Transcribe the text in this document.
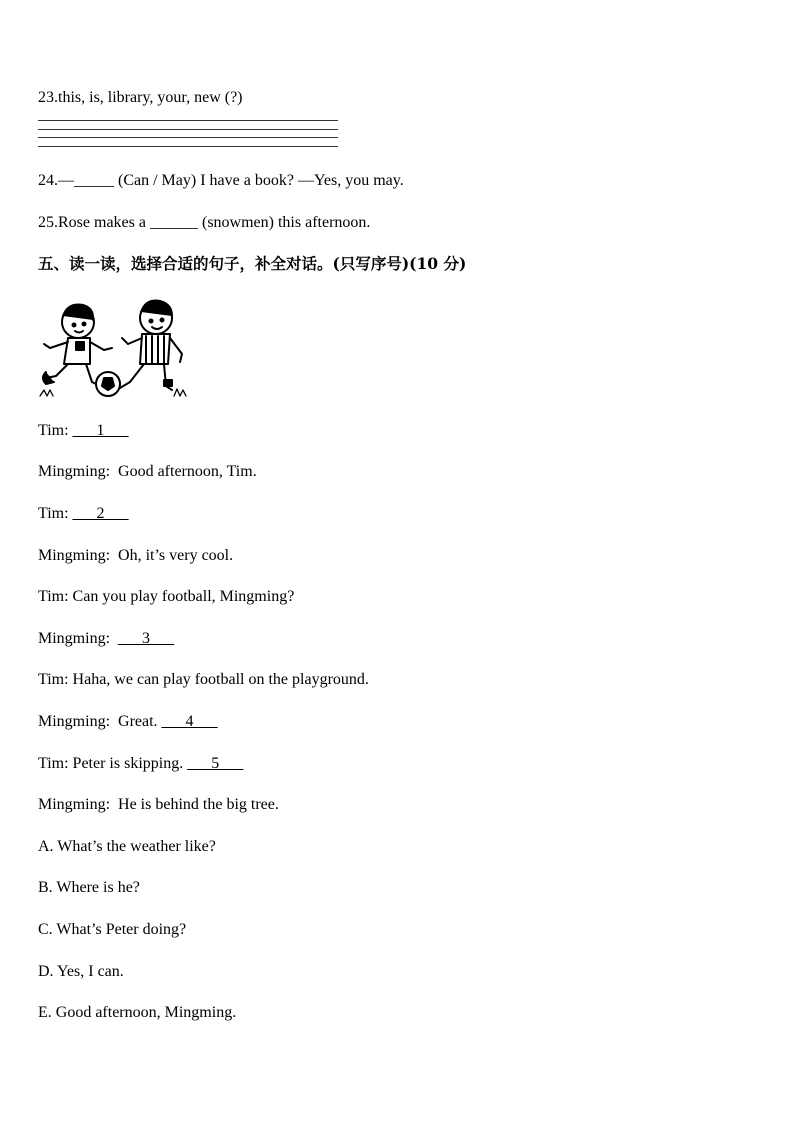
23.this, is, library, your, new (?)
24.—_____ (Can / May) I have a book? —Yes, you may.
25.Rose makes a ______ (snowmen) this afternoon.
五、读一读，选择合适的句子，补全对话。(只写序号)(10 分)
Tim: ___1___
Mingming: Good afternoon, Tim.
Tim: ___2___
Mingming: Oh, it’s very cool.
Tim: Can you play football, Mingming?
Mingming: ___3___
Tim: Haha, we can play football on the playground.
Mingming: Great. ___4___
Tim: Peter is skipping. ___5___
Mingming: He is behind the big tree.
A. What’s the weather like?
B. Where is he?
C. What’s Peter doing?
D. Yes, I can.
E. Good afternoon, Mingming.
